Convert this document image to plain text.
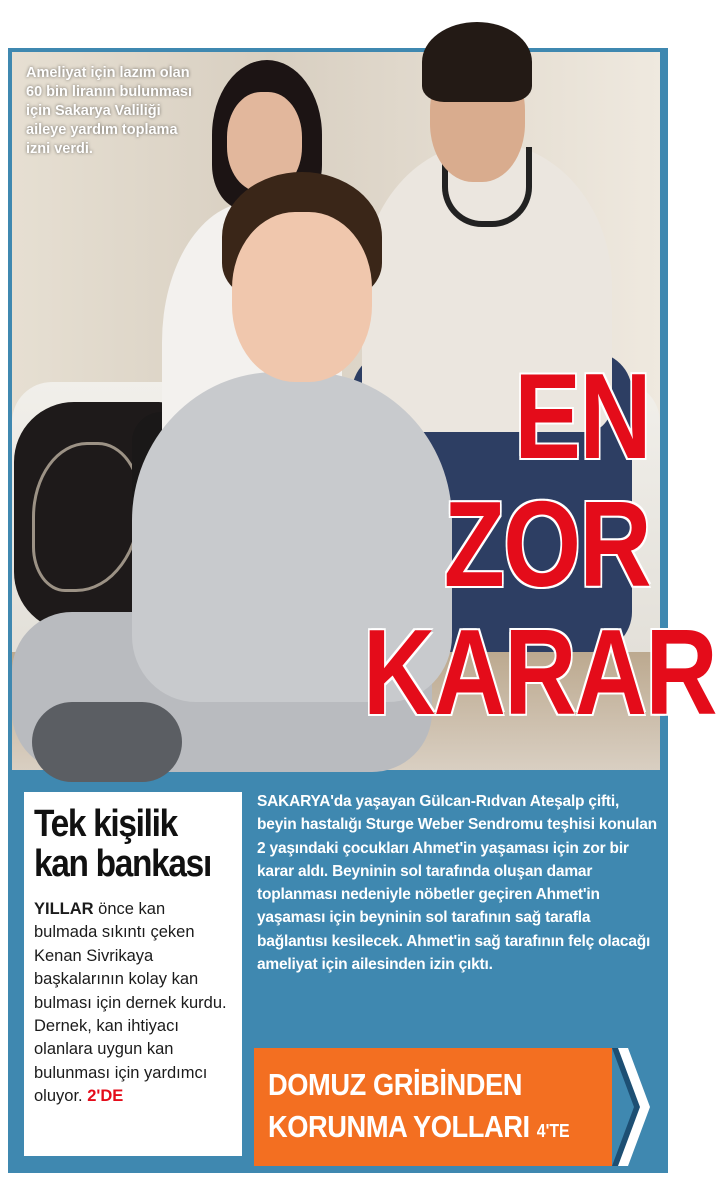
Ameliyat için lazım olan 60 bin liranın bulunması için Sakarya Valiliği aileye yardım toplama izni verdi.
EN
ZOR
KARAR
Tek kişilik
kan bankası

YILLAR önce kan bulmada sıkıntı çeken Kenan Sivrikaya başkalarının kolay kan bulması için dernek kurdu. Dernek, kan ihtiyacı olanlara uygun kan bulunması için yardımcı oluyor. 2'DE

SAKARYA'da yaşayan Gülcan-Rıdvan Ateşalp çifti, beyin hastalığı Sturge Weber Sendromu teşhisi konulan 2 yaşındaki çocukları Ahmet'in yaşaması için zor bir karar aldı. Beyninin sol tarafında oluşan damar toplanması nedeniyle nöbetler geçiren Ahmet'in yaşaması için beyninin sol tarafının sağ tarafla bağlantısı kesilecek. Ahmet'in sağ tarafının felç olacağı ameliyat için ailesinden izin çıktı.

DOMUZ GRİBİNDEN
KORUNMA YOLLARI 4'TE
